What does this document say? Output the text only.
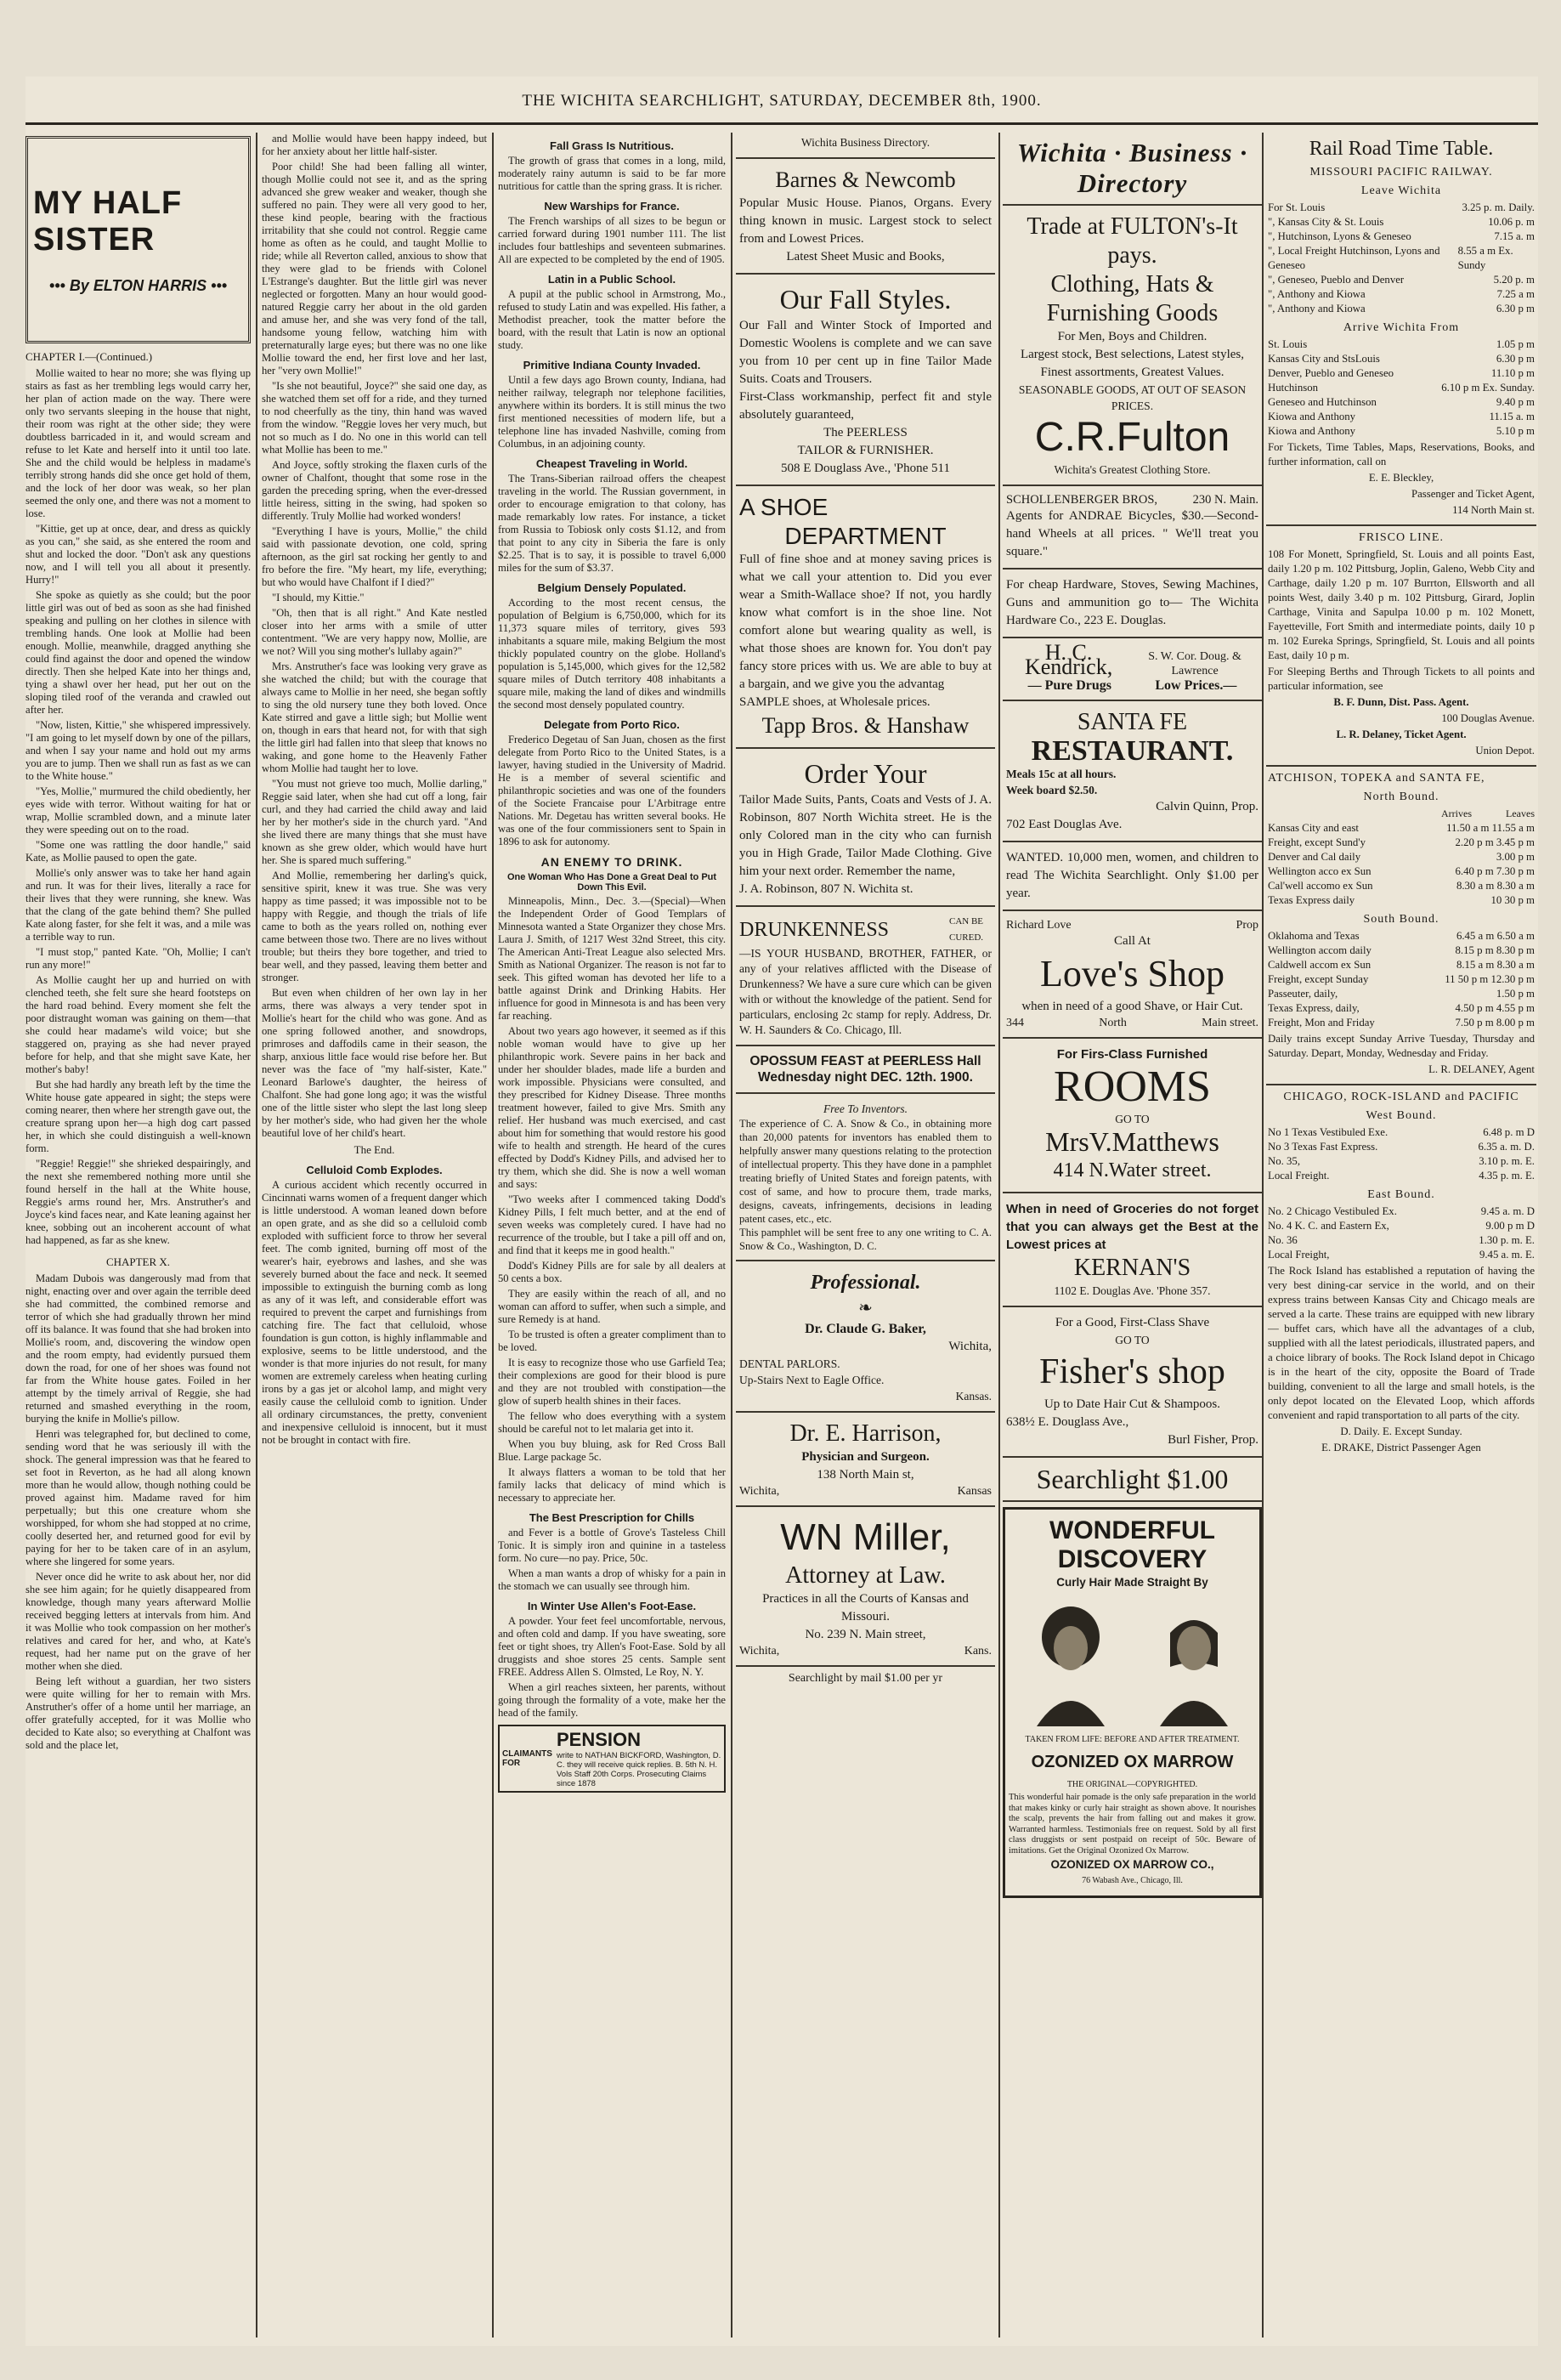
THE WICHITA SEARCHLIGHT, SATURDAY, DECEMBER 8th, 1900.
MY HALF SISTER
••• By ELTON HARRIS •••
CHAPTER I.—(Continued.)

Mollie waited to hear no more; she was flying up stairs as fast as her trembling legs would carry her, her plan of action made on the way. There were only two servants sleeping in the house that night, their room was right at the other side; they were doubtless barricaded in it, and would scream and refuse to let Kate and herself into it until too late. She and the child would be helpless in madame's terribly strong hands did she once get hold of them, and the lock of her door was weak, so her plan seemed the only one, and there was not a moment to lose.

"Kittie, get up at once, dear, and dress as quickly as you can," she said, as she entered the room and shut and locked the door. "Don't ask any questions now, and I will tell you all about it presently. Hurry!"

She spoke as quietly as she could; but the poor little girl was out of bed as soon as she had finished speaking and pulling on her clothes in silence with trembling hands. One look at Mollie had been enough. Mollie, meanwhile, dragged anything she could find against the door and opened the window directly. Then she helped Kate into her things and, tying a shawl over her head, put her out on the sloping tiled roof of the veranda and crawled out after her.

"Now, listen, Kittie," she whispered impressively. "I am going to let myself down by one of the pillars, and when I say your name and hold out my arms you are to jump. Then we shall run as fast as we can to the White house."

"Yes, Mollie," murmured the child obediently, her eyes wide with terror. Without waiting for hat or wrap, Mollie scrambled down, and a minute later they were speeding out on to the road.

"Some one was rattling the door handle," said Kate, as Mollie paused to open the gate.

Mollie's only answer was to take her hand again and run. It was for their lives, literally a race for their lives that they were running, she knew. Was that the clang of the gate behind them? She pulled Kate along faster, for she felt it was, and a mile was a terrible way to run.

"I must stop," panted Kate. "Oh, Mollie; I can't run any more!"

As Mollie caught her up and hurried on with clenched teeth, she felt sure she heard footsteps on the hard road behind. Every moment she felt the poor distraught woman was gaining on them—that she could hear madame's wild voice; but she staggered on, praying as she had never prayed before for help, and that she might save Kate, her mother's baby!

But she had hardly any breath left by the time the White house gate appeared in sight; the steps were coming nearer, then where her strength gave out, the creature sprang upon her—a high dog cart passed her, in which she could distinguish a well-known form.

"Reggie! Reggie!" she shrieked despairingly, and the next she remembered nothing more until she found herself in the hall at the White house, Reggie's arms round her, Mrs. Anstruther's and Joyce's kind faces near, and Kate leaning against her knee, sobbing out an incoherent account of what had happened, as far as she knew.

CHAPTER X.

Madam Dubois was dangerously mad from that night, enacting over and over again the terrible deed she had committed, the combined remorse and terror of which she had gradually thrown her mind off its balance. It was found that she had broken into Mollie's room, and, discovering the window open and the room empty, had evidently pursued them down the road, for one of her shoes was found not far from the White house gates. Foiled in her attempt by the timely arrival of Reggie, she had returned and smashed everything in the room, burying the knife in Mollie's pillow.

Henri was telegraphed for, but declined to come, sending word that he was seriously ill with the shock. The general impression was that he feared to set foot in Reverton, as he had all along known more than he would allow, though nothing could be proved against him. Madame raved for him perpetually; but this one creature whom she worshipped, for whom she had stopped at no crime, coolly deserted her, and returned good for evil by paying for her to be taken care of in an asylum, where she lingered for some years.

Never once did he write to ask about her, nor did she see him again; for he quietly disappeared from knowledge, though many years afterward Mollie received begging letters at intervals from him. And it was Mollie who took compassion on her mother's relatives and cared for her, and who, at Kate's request, had her name put on the grave of her mother when she died.

Being left without a guardian, her two sisters were quite willing for her to remain with Mrs. Anstruther's offer of a home until her marriage, an offer gratefully accepted, for it was Mollie who decided to Kate also; so everything at Chalfont was sold and the place let,

and Mollie would have been happy indeed, but for her anxiety about her little half-sister.

Poor child! She had been falling all winter, though Mollie could not see it, and as the spring advanced she grew weaker and weaker, though she suffered no pain. They were all very good to her, these kind people, bearing with the fractious irritability that she could not control. Reggie came home as often as he could, and taught Mollie to ride; while all Reverton called, anxious to show that they were glad to be friends with Colonel L'Estrange's daughter. But the little girl was never neglected or forgotten. Many an hour would good-natured Reggie carry her about in the old garden and amuse her, and she was very fond of the tall, handsome young fellow, watching him with preternaturally large eyes; but there was no one like Mollie toward the end, her first love and her last, her "very own Mollie!"

"Is she not beautiful, Joyce?" she said one day, as she watched them set off for a ride, and they turned to nod cheerfully as the tiny, thin hand was waved from the window. "Reggie loves her very much, but not so much as I do. No one in this world can tell what Mollie has been to me."

And Joyce, softly stroking the flaxen curls of the owner of Chalfont, thought that some rose in the garden the preceding spring, when the ever-dressed little heiress, sitting in the swing, had spoken so differently. Truly Mollie had worked wonders!

"Everything I have is yours, Mollie," the child said with passionate devotion, one cold, spring afternoon, as the girl sat rocking her gently to and fro before the fire. "My heart, my life, everything; but who would have Chalfont if I died?"

"I should, my Kittie."

"Oh, then that is all right." And Kate nestled closer into her arms with a smile of utter contentment. "We are very happy now, Mollie, are we not? Will you sing mother's lullaby again?"

Mrs. Anstruther's face was looking very grave as she watched the child; but with the courage that always came to Mollie in her need, she began softly to sing the old nursery tune they both loved. Once Kate stirred and gave a little sigh; but Mollie went on, though in ears that heard not, for with that sigh the little girl had fallen into that sleep that knows no waking, and gone home to the Heavenly Father whom Mollie had taught her to love.

"You must not grieve too much, Mollie darling," Reggie said later, when she had cut off a long, fair curl, and they had carried the child away and laid her by her mother's side in the church yard. "And she lived there are many things that she must have known as she grew older, which would have hurt her. She is spared much suffering."

And Mollie, remembering her darling's quick, sensitive spirit, knew it was true. She was very happy as time passed; it was impossible not to be happy with Reggie, and though the trials of life came to both as the years rolled on, nothing ever came between those two. There are no lives without trouble; but theirs they bore together, and tried to bear well, and they passed, leaving them better and stronger.

But even when children of her own lay in her arms, there was always a very tender spot in Mollie's heart for the child who was gone. And as one spring followed another, and snowdrops, primroses and daffodils came in their season, the sharp, anxious little face would rise before her. But never was the face of "my half-sister, Kate." Leonard Barlowe's daughter, the heiress of Chalfont. She had gone long ago; it was the wistful one of the little sister who slept the last long sleep by her mother's side, who had given her the whole beautiful love of her child's heart.

The End.
Celluloid Comb Explodes.

A curious accident which recently occurred in Cincinnati warns women of a frequent danger which is little understood. A woman leaned down before an open grate, and as she did so a celluloid comb exploded with sufficient force to throw her several feet. The comb ignited, burning off most of the wearer's hair, eyebrows and lashes, and she was severely burned about the face and neck. It seemed impossible to extinguish the burning comb as long as any of it was left, and considerable effort was required to prevent the carpet and furnishings from catching fire. The fact that celluloid, whose foundation is gun cotton, is highly inflammable and explosive, seems to be little understood, and the wonder is that more injuries do not result, for many women are extremely careless when heating curling irons by a gas jet or alcohol lamp, and might very easily cause the celluloid comb to ignition. Under all ordinary circumstances, the pretty, convenient and inexpensive celluloid is innocent, but it must not be brought in contact with fire.

Fall Grass Is Nutritious.

The growth of grass that comes in a long, mild, moderately rainy autumn is said to be far more nutritious for cattle than the spring grass. It is richer.

New Warships for France.

The French warships of all sizes to be begun or carried forward during 1901 number 111. The list includes four battleships and seventeen submarines. All are expected to be completed by the end of 1905.

Latin in a Public School.

A pupil at the public school in Armstrong, Mo., refused to study Latin and was expelled. His father, a Methodist preacher, took the matter before the board, with the result that Latin is now an optional study.

Primitive Indiana County Invaded.

Until a few days ago Brown county, Indiana, had neither railway, telegraph nor telephone facilities, anywhere within its borders. It is still minus the two first mentioned necessities of modern life, but a telephone line has invaded Nashville, coming from Columbus, in an adjoining county.

Cheapest Traveling in World.

The Trans-Siberian railroad offers the cheapest traveling in the world. The Russian government, in order to encourage emigration to that colony, has made remarkably low rates. For instance, a ticket from Russia to Tobiosk only costs $1.12, and from that point to any city in Siberia the fare is only $2.25. That is to say, it is possible to travel 6,000 miles for the sum of $3.37.

Belgium Densely Populated.

According to the most recent census, the population of Belgium is 6,750,000, which for its 11,373 square miles of territory, gives 593 inhabitants a square mile, making Belgium the most thickly populated country on the globe. Holland's population is 5,145,000, which gives for the 12,582 square miles of Dutch territory 408 inhabitants a square mile, making the land of dikes and windmills the second most densely populated country.

Delegate from Porto Rico.

Frederico Degetau of San Juan, chosen as the first delegate from Porto Rico to the United States, is a lawyer, having studied in the University of Madrid. He is a member of several scientific and philanthropic societies and was one of the founders of the Societe Francaise pour L'Arbitrage entre Nations. Mr. Degetau has written several books. He was one of the four commissioners sent to Spain in 1896 to ask for autonomy.

AN ENEMY TO DRINK.
One Woman Who Has Done a Great Deal to Put Down This Evil.

Minneapolis, Minn., Dec. 3.—(Special)—When the Independent Order of Good Templars of Minnesota wanted a State Organizer they chose Mrs. Laura J. Smith, of 1217 West 32nd Street, this city. The American Anti-Treat League also selected Mrs. Smith as National Organizer. The reason is not far to seek. This gifted woman has devoted her life to a battle against Drink and Drinking Habits. Her influence for good in Minnesota is and has been very far reaching.

About two years ago however, it seemed as if this noble woman would have to give up her philanthropic work. Severe pains in her back and under her shoulder blades, made life a burden and work impossible. Physicians were consulted, and they prescribed for Kidney Disease. Three months treatment however, failed to give Mrs. Smith any relief. Her husband was much exercised, and cast about him for something that would restore his good wife to health and strength. He heard of the cures effected by Dodd's Kidney Pills, and advised her to try them, which she did. She is now a well woman and says:

"Two weeks after I commenced taking Dodd's Kidney Pills, I felt much better, and at the end of seven weeks was completely cured. I have had no recurrence of the trouble, but I take a pill off and on, and find that it keeps me in good health."

Dodd's Kidney Pills are for sale by all dealers at 50 cents a box.

They are easily within the reach of all, and no woman can afford to suffer, when such a simple, and sure Remedy is at hand.

To be trusted is often a greater compliment than to be loved.

It is easy to recognize those who use Garfield Tea; their complexions are good for their blood is pure and they are not troubled with constipation—the glow of superb health shines in their faces.

The fellow who does everything with a system should be careful not to let malaria get into it.

When you buy bluing, ask for Red Cross Ball Blue. Large package 5c.

It always flatters a woman to be told that her family lacks that delicacy of mind which is necessary to appreciate her.

The Best Prescription for Chills

and Fever is a bottle of Grove's Tasteless Chill Tonic. It is simply iron and quinine in a tasteless form. No cure—no pay. Price, 50c.

When a man wants a drop of whisky for a pain in the stomach we can usually see through him.

In Winter Use Allen's Foot-Ease.

A powder. Your feet feel uncomfortable, nervous, and often cold and damp. If you have sweating, sore feet or tight shoes, try Allen's Foot-Ease. Sold by all druggists and shoe stores 25 cents. Sample sent FREE. Address Allen S. Olmsted, Le Roy, N. Y.

When a girl reaches sixteen, her parents, without going through the formality of a vote, make her the head of the family.

CLAIMANTS FOR
PENSION
write to NATHAN BICKFORD, Washington, D. C. they will receive quick replies. B. 5th N. H. Vols Staff 20th Corps. Prosecuting Claims since 1878
Wichita Business Directory.
Barnes & Newcomb
Popular Music House. Pianos, Organs. Every thing known in music. Largest stock to select from and Lowest Prices.
Latest Sheet Music and Books,
Our Fall Styles.
Our Fall and Winter Stock of Imported and Domestic Woolens is complete and we can save you from 10 per cent up in fine Tailor Made Suits. Coats and Trousers.
First-Class workmanship, perfect fit and style absolutely guaranteed,
The PEERLESS
TAILOR & FURNISHER.
508 E Douglass Ave., 'Phone 511
A SHOE
DEPARTMENT
Full of fine shoe and at money saving prices is what we call your attention to. Did you ever wear a Smith-Wallace shoe? If not, you hardly know what comfort is in the shoe line. Not comfort alone but wearing quality as well, is what those shoes are known for. You don't pay fancy store prices with us. We are able to buy at a bargain, and we give you the advantag
SAMPLE shoes, at Wholesale prices.
Tapp Bros. & Hanshaw
Order Your
Tailor Made Suits, Pants, Coats and Vests of J. A. Robinson, 807 North Wichita street. He is the only Colored man in the city who can furnish you in High Grade, Tailor Made Clothing. Give him your next order. Remember the name,
J. A. Robinson, 807 N. Wichita st.
DRUNKENNESS	CAN BE CURED.
—IS YOUR HUSBAND, BROTHER, FATHER, or any of your relatives afflicted with the Disease of Drunkenness? We have a sure cure which can be given with or without the knowledge of the patient. Send for particulars, enclosing 2c stamp for reply. Address, Dr. W. H. Saunders & Co. Chicago, Ill.
OPOSSUM FEAST at PEERLESS Hall Wednesday night DEC. 12th. 1900.
Free To Inventors.
The experience of C. A. Snow & Co., in obtaining more than 20,000 patents for inventors has enabled them to helpfully answer many questions relating to the protection of intellectual property. This they have done in a pamphlet treating briefly of United States and foreign patents, with cost of same, and how to procure them, trade marks, designs, caveats, infringements, decisions in leading patent cases, etc., etc.
This pamphlet will be sent free to any one writing to C. A. Snow & Co., Washington, D. C.
Professional.
❧
Dr. Claude G. Baker,
Wichita,
DENTAL PARLORS.
Up-Stairs Next to Eagle Office.
Kansas.
Dr. E. Harrison,
Physician and Surgeon.
138 North Main st,
Wichita,	Kansas
WN Miller,
Attorney at Law.
Practices in all the Courts of Kansas and Missouri.
No. 239 N. Main street,
Wichita,	Kans.
Searchlight by mail $1.00 per yr
Wichita · Business · Directory
Trade at FULTON's-It pays.
Clothing, Hats & Furnishing Goods
For Men, Boys and Children.
Largest stock, Best selections, Latest styles, Finest assortments, Greatest Values.
SEASONABLE GOODS, AT OUT OF SEASON PRICES.
C.R.Fulton
Wichita's Greatest Clothing Store.
SCHOLLENBERGER BROS,	230 N. Main.
Agents for ANDRAE Bicycles, $30.—Second-hand Wheels at all prices. " We'll treat you square."
For cheap Hardware, Stoves, Sewing Machines, Guns and ammunition go to— The Wichita Hardware Co., 223 E. Douglas.
H. C. Kendrick,	S. W. Cor. Doug. & Lawrence
— Pure Drugs	Low Prices.—
SANTA FE
RESTAURANT.
Meals 15c at all hours.
Week board $2.50.
Calvin Quinn, Prop.
702 East Douglas Ave.
WANTED. 10,000 men, women, and children to read The Wichita Searchlight. Only $1.00 per year.
Richard Love	Prop
Call At
Love's Shop
when in need of a good Shave, or Hair Cut.
344	North	Main street.
For Firs-Class Furnished
ROOMS
GO TO
MrsV.Matthews
414 N.Water street.
When in need of Groceries do not forget that you can always get the Best at the Lowest prices at
KERNAN'S
1102 E. Douglas Ave. 'Phone 357.
For a Good, First-Class Shave
GO TO
Fisher's shop
Up to Date Hair Cut & Shampoos.
638½ E. Douglass Ave.,
Burl Fisher, Prop.
Searchlight $1.00
WONDERFUL
DISCOVERY
Curly Hair Made Straight By
TAKEN FROM LIFE: BEFORE AND AFTER TREATMENT.
OZONIZED OX MARROW
THE ORIGINAL—COPYRIGHTED.
This wonderful hair pomade is the only safe preparation in the world that makes kinky or curly hair straight as shown above. It nourishes the scalp, prevents the hair from falling out and makes it grow. Warranted harmless. Testimonials free on request. Sold by all first class druggists or sent postpaid on receipt of 50c. Beware of imitations. Get the Original Ozonized Ox Marrow.
OZONIZED OX MARROW CO.,
76 Wabash Ave., Chicago, Ill.
Rail Road Time Table.
MISSOURI PACIFIC RAILWAY.
Leave Wichita
For St. Louis	3.25 p. m. Daily.
", Kansas City & St. Louis	10.06 p. m
", Hutchinson, Lyons & Geneseo	7.15 a. m
", Local Freight Hutchinson, Lyons and Geneseo
8.55 a m Ex. Sundy
", Geneseo, Pueblo and Denver	5.20 p. m
", Anthony and Kiowa	7.25 a m
", Anthony and Kiowa	6.30 p m
Arrive Wichita From
St. Louis	1.05 p m
Kansas City and StsLouis	6.30 p m
Denver, Pueblo and Geneseo	11.10 p m
Hutchinson	6.10 p m Ex. Sunday.
Geneseo and Hutchinson	9.40 p m
Kiowa and Anthony	11.15 a. m
Kiowa and Anthony	5.10 p m
For Tickets, Time Tables, Maps, Reservations, Books, and further information, call on
E. E. Bleckley,
Passenger and Ticket Agent,
114 North Main st.
FRISCO LINE.
108 For Monett, Springfield, St. Louis and all points East, daily 1.20 p m. 102 Pittsburg, Joplin, Galeno, Webb City and Carthage, daily 1.20 p m. 107 Burrton, Ellsworth and all points West, daily 3.40 p m. 102 Pittsburg, Girard, Joplin Carthage, Vinita and Sapulpa 10.00 p m. 102 Monett, Fayetteville, Fort Smith and intermediate points, daily 10 p m. 102 Eureka Springs, Springfield, St. Louis and all points East, daily 10 p m.
For Sleeping Berths and Through Tickets to all points and particular information, see
B. F. Dunn, Dist. Pass. Agent.
100 Douglas Avenue.
L. R. Delaney, Ticket Agent.
Union Depot.
ATCHISON, TOPEKA and SANTA FE,
North Bound.
Arrives	Leaves
Kansas City and east	11.50 a m 11.55 a m
Freight, except Sund'y	2.20 p m 3.45 p m
Denver and Cal daily	3.00 p m
Wellington acco ex Sun	6.40 p m 7.30 p m
Cal'well accomo ex Sun	8.30 a m 8.30 a m
Texas Express daily	10 30 p m
South Bound.
Oklahoma and Texas	6.45 a m 6.50 a m
Wellington accom daily	8.15 p m 8.30 p m
Caldwell accom ex Sun	8.15 a m 8.30 a m
Freight, except Sunday	11 50 p m 12.30 p m
Passeuter, daily,	1.50 p m
Texas Express, daily,	4.50 p m 4.55 p m
Freight, Mon and Friday	7.50 p m 8.00 p m
Daily trains except Sunday Arrive Tuesday, Thursday and Saturday. Depart, Monday, Wednesday and Friday.
L. R. DELANEY, Agent
CHICAGO, ROCK-ISLAND and PACIFIC
West Bound.
No 1 Texas Vestibuled Exe.	6.48 p. m D
No 3 Texas Fast Express.	6.35 a. m. D.
No. 35,	3.10 p. m. E.
Local Freight.	4.35 p. m. E.
East Bound.
No. 2 Chicago Vestibuled Ex.	9.45 a. m. D
No. 4 K. C. and Eastern Ex,	9.00 p m D
No. 36	1.30 p. m. E.
Local Freight,	9.45 a. m. E.
The Rock Island has established a reputation of having the very best dining-car service in the world, and on their express trains between Kansas City and Chicago meals are served a la carte. These trains are equipped with new library — buffet cars, which have all the advantages of a club, supplied with all the latest periodicals, illustrated papers, and a choice library of books. The Rock Island depot in Chicago is in the heart of the city, opposite the Board of Trade building, convenient to all the large and small hotels, is the only depot located on the Elevated Loop, which affords convenient and rapid transportation to all parts of the city.
D. Daily. E. Except Sunday.
E. DRAKE, District Passenger Agen
